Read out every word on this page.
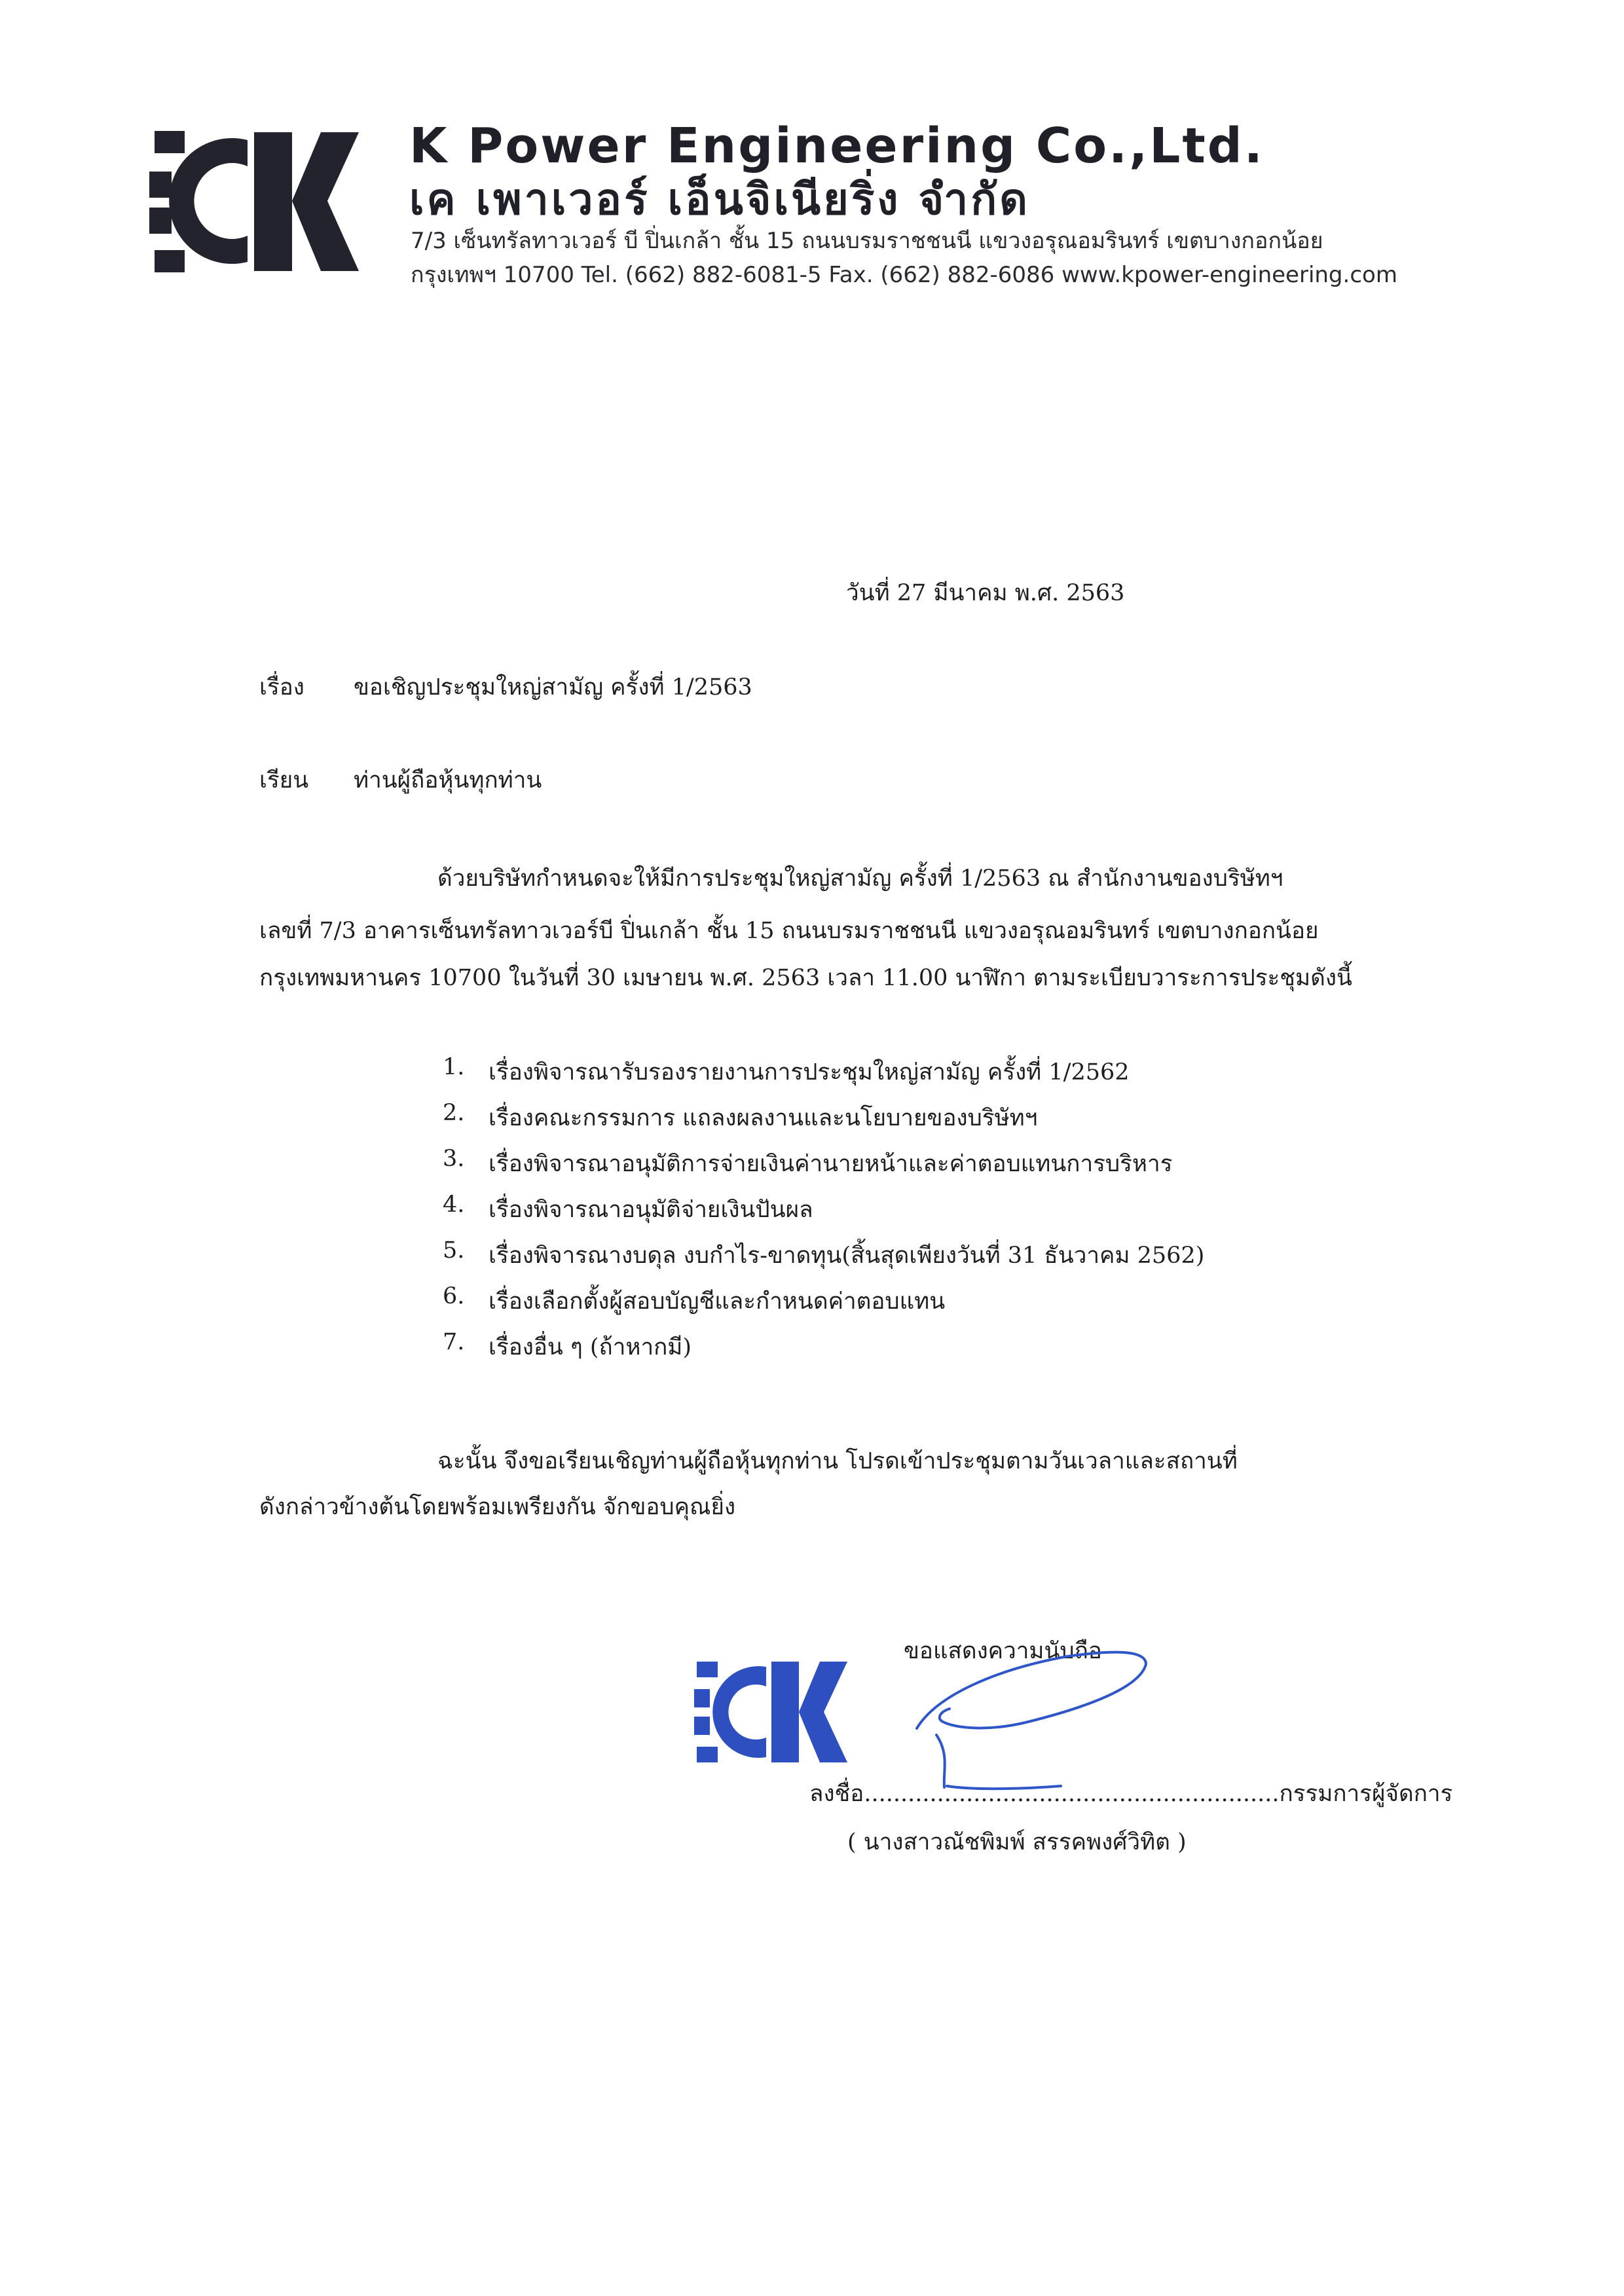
K Power Engineering Co.,Ltd.
เค เพาเวอร์ เอ็นจิเนียริ่ง จำกัด
7/3 เซ็นทรัลทาวเวอร์ บี ปิ่นเกล้า ชั้น 15 ถนนบรมราชชนนี แขวงอรุณอมรินทร์ เขตบางกอกน้อย
กรุงเทพฯ 10700 Tel. (662) 882-6081-5 Fax. (662) 882-6086 www.kpower-engineering.com
วันที่ 27 มีนาคม พ.ศ. 2563
เรื่อง ขอเชิญประชุมใหญ่สามัญ ครั้งที่ 1/2563
เรียน ท่านผู้ถือหุ้นทุกท่าน
ด้วยบริษัทกำหนดจะให้มีการประชุมใหญ่สามัญ ครั้งที่ 1/2563 ณ สำนักงานของบริษัทฯ
เลขที่ 7/3 อาคารเซ็นทรัลทาวเวอร์บี ปิ่นเกล้า ชั้น 15 ถนนบรมราชชนนี แขวงอรุณอมรินทร์ เขตบางกอกน้อย
กรุงเทพมหานคร 10700 ในวันที่ 30 เมษายน พ.ศ. 2563 เวลา 11.00 นาฬิกา ตามระเบียบวาระการประชุมดังนี้
1.	เรื่องพิจารณารับรองรายงานการประชุมใหญ่สามัญ ครั้งที่ 1/2562
2.	เรื่องคณะกรรมการ แถลงผลงานและนโยบายของบริษัทฯ
3.	เรื่องพิจารณาอนุมัติการจ่ายเงินค่านายหน้าและค่าตอบแทนการบริหาร
4.	เรื่องพิจารณาอนุมัติจ่ายเงินปันผล
5.	เรื่องพิจารณางบดุล งบกำไร-ขาดทุน(สิ้นสุดเพียงวันที่ 31 ธันวาคม 2562)
6.	เรื่องเลือกตั้งผู้สอบบัญชีและกำหนดค่าตอบแทน
7.	เรื่องอื่น ๆ (ถ้าหากมี)
ฉะนั้น จึงขอเรียนเชิญท่านผู้ถือหุ้นทุกท่าน โปรดเข้าประชุมตามวันเวลาและสถานที่
ดังกล่าวข้างต้นโดยพร้อมเพรียงกัน จักขอบคุณยิ่ง
ขอแสดงความนับถือ
ลงชื่อ.........................................................กรรมการผู้จัดการ
( นางสาวณัชพิมพ์ สรรคพงศ์วิทิต )
